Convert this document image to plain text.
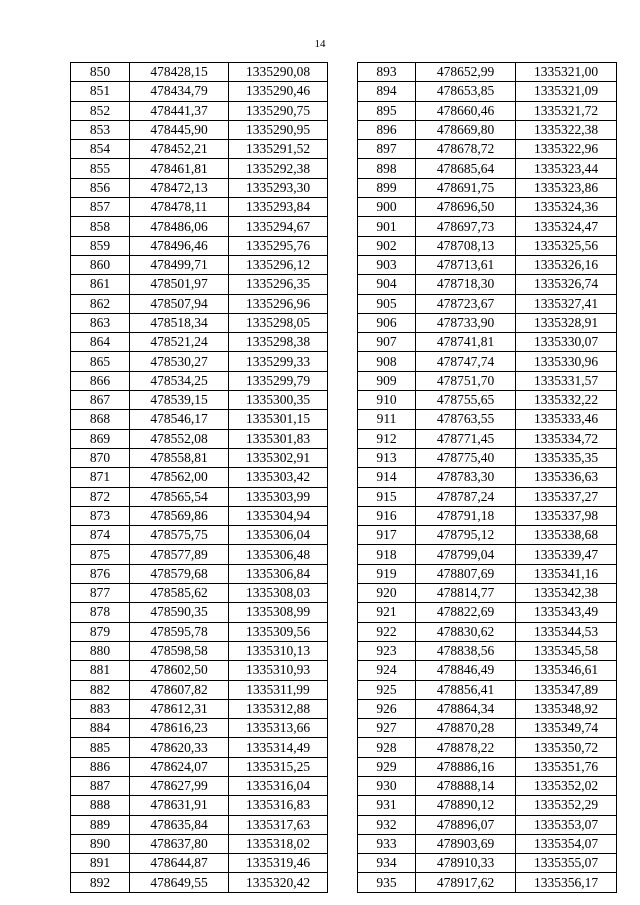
14
850	478428,15	1335290,08
851	478434,79	1335290,46
852	478441,37	1335290,75
853	478445,90	1335290,95
854	478452,21	1335291,52
855	478461,81	1335292,38
856	478472,13	1335293,30
857	478478,11	1335293,84
858	478486,06	1335294,67
859	478496,46	1335295,76
860	478499,71	1335296,12
861	478501,97	1335296,35
862	478507,94	1335296,96
863	478518,34	1335298,05
864	478521,24	1335298,38
865	478530,27	1335299,33
866	478534,25	1335299,79
867	478539,15	1335300,35
868	478546,17	1335301,15
869	478552,08	1335301,83
870	478558,81	1335302,91
871	478562,00	1335303,42
872	478565,54	1335303,99
873	478569,86	1335304,94
874	478575,75	1335306,04
875	478577,89	1335306,48
876	478579,68	1335306,84
877	478585,62	1335308,03
878	478590,35	1335308,99
879	478595,78	1335309,56
880	478598,58	1335310,13
881	478602,50	1335310,93
882	478607,82	1335311,99
883	478612,31	1335312,88
884	478616,23	1335313,66
885	478620,33	1335314,49
886	478624,07	1335315,25
887	478627,99	1335316,04
888	478631,91	1335316,83
889	478635,84	1335317,63
890	478637,80	1335318,02
891	478644,87	1335319,46
892	478649,55	1335320,42
893	478652,99	1335321,00
894	478653,85	1335321,09
895	478660,46	1335321,72
896	478669,80	1335322,38
897	478678,72	1335322,96
898	478685,64	1335323,44
899	478691,75	1335323,86
900	478696,50	1335324,36
901	478697,73	1335324,47
902	478708,13	1335325,56
903	478713,61	1335326,16
904	478718,30	1335326,74
905	478723,67	1335327,41
906	478733,90	1335328,91
907	478741,81	1335330,07
908	478747,74	1335330,96
909	478751,70	1335331,57
910	478755,65	1335332,22
911	478763,55	1335333,46
912	478771,45	1335334,72
913	478775,40	1335335,35
914	478783,30	1335336,63
915	478787,24	1335337,27
916	478791,18	1335337,98
917	478795,12	1335338,68
918	478799,04	1335339,47
919	478807,69	1335341,16
920	478814,77	1335342,38
921	478822,69	1335343,49
922	478830,62	1335344,53
923	478838,56	1335345,58
924	478846,49	1335346,61
925	478856,41	1335347,89
926	478864,34	1335348,92
927	478870,28	1335349,74
928	478878,22	1335350,72
929	478886,16	1335351,76
930	478888,14	1335352,02
931	478890,12	1335352,29
932	478896,07	1335353,07
933	478903,69	1335354,07
934	478910,33	1335355,07
935	478917,62	1335356,17
